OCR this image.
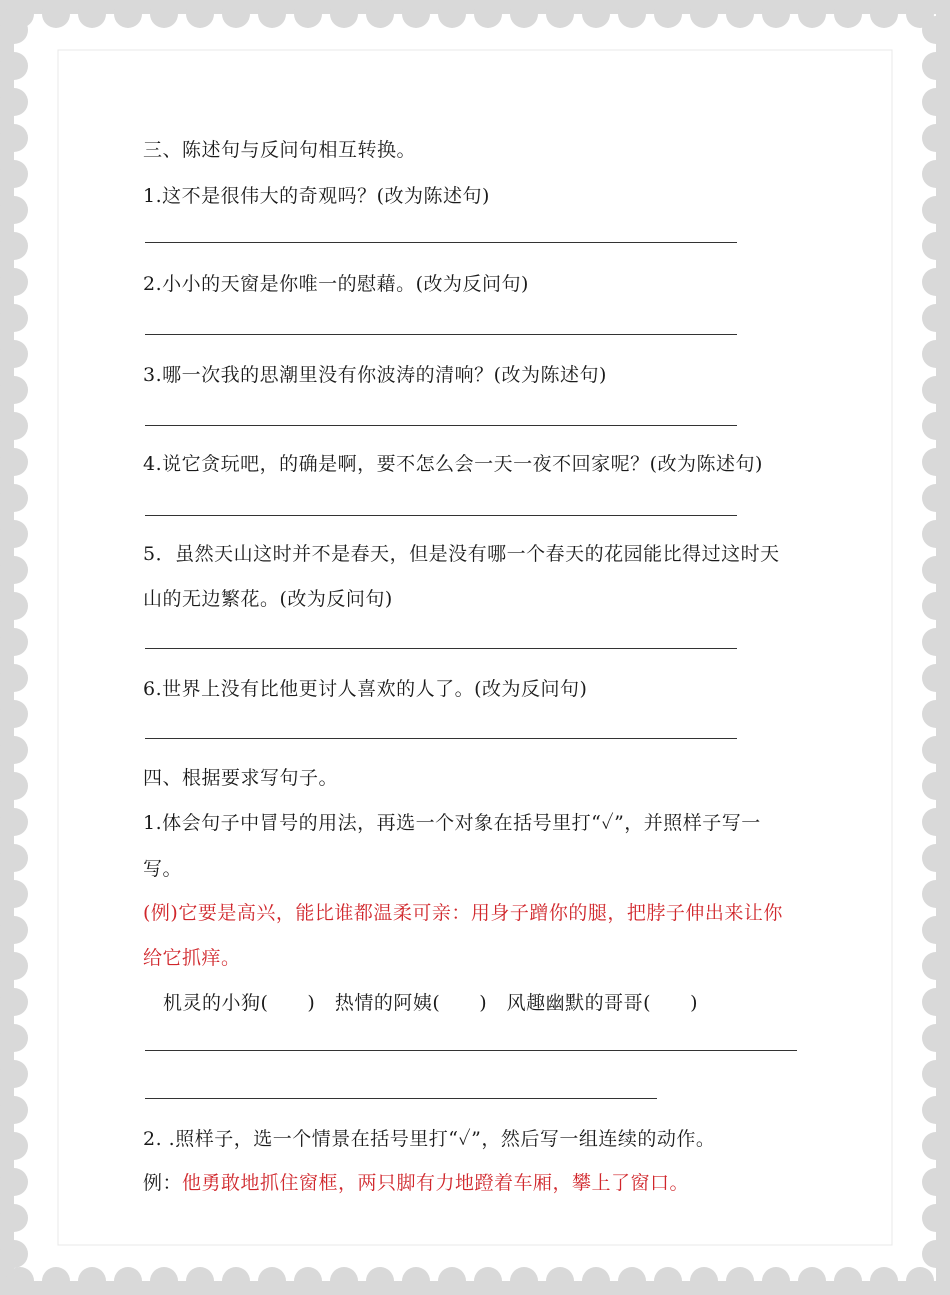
三、陈述句与反问句相互转换。
1.这不是很伟大的奇观吗？(改为陈述句)
2.小小的天窗是你唯一的慰藉。(改为反问句)
3.哪一次我的思潮里没有你波涛的清响？(改为陈述句)
4.说它贪玩吧，的确是啊，要不怎么会一天一夜不回家呢？(改为陈述句)
5．虽然天山这时并不是春天，但是没有哪一个春天的花园能比得过这时天
山的无边繁花。(改为反问句)
6.世界上没有比他更讨人喜欢的人了。(改为反问句)
四、根据要求写句子。
1.体会句子中冒号的用法，再选一个对象在括号里打“✓”，并照样子写一
写。
(例)它要是高兴，能比谁都温柔可亲：用身子蹭你的腿，把脖子伸出来让你
给它抓痒。
机灵的小狗(　　)　热情的阿姨(　　)　风趣幽默的哥哥(　　)
2. .照样子，选一个情景在括号里打“✓”，然后写一组连续的动作。
例：他勇敢地抓住窗框，两只脚有力地蹬着车厢，攀上了窗口。
